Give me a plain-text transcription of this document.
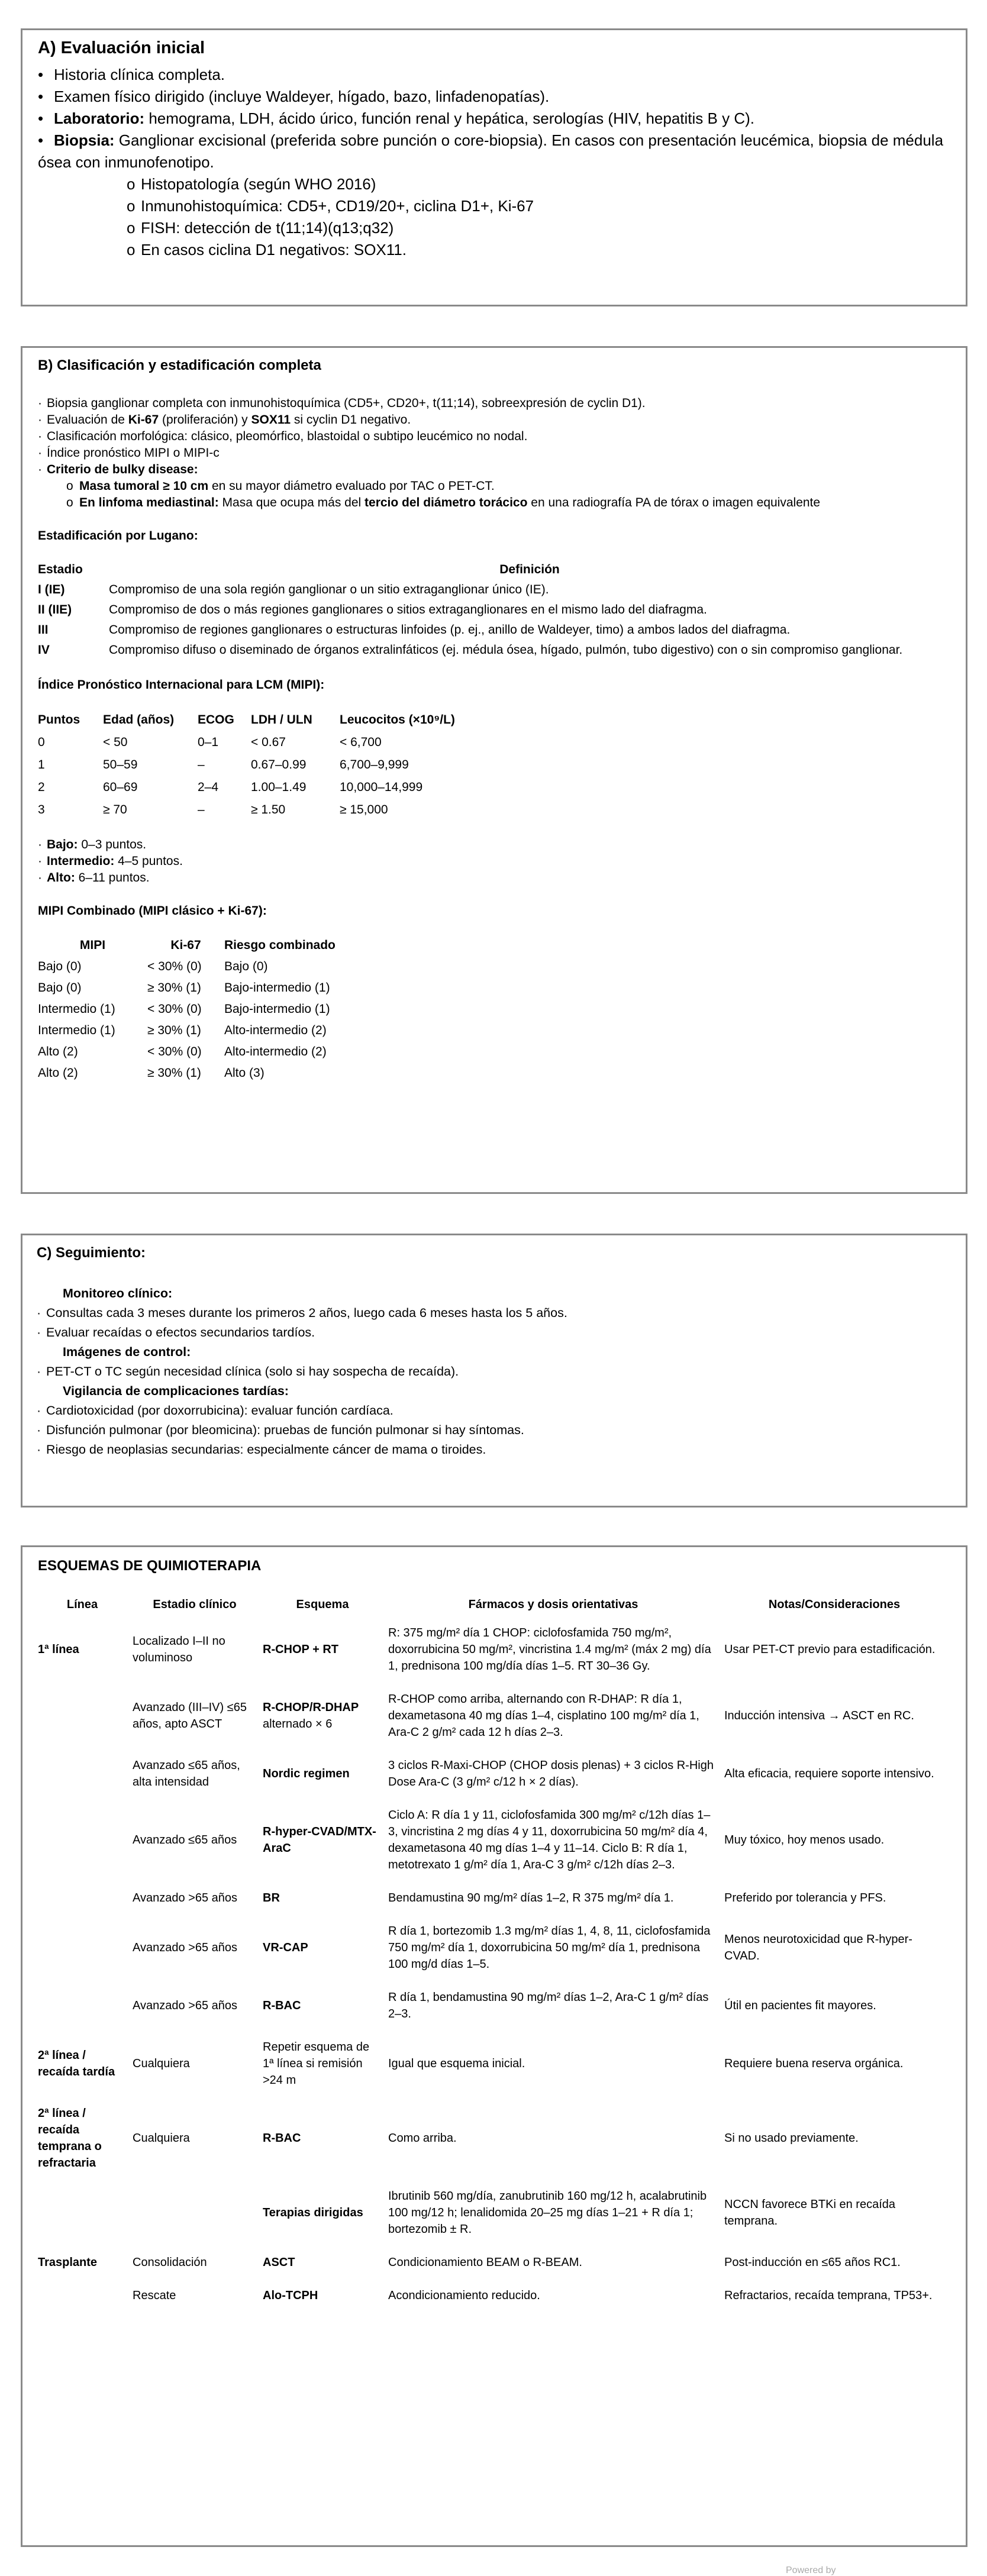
A) Evaluación inicial
• Historia clínica completa.
• Examen físico dirigido (incluye Waldeyer, hígado, bazo, linfadenopatías).
• Laboratorio: hemograma, LDH, ácido úrico, función renal y hepática, serologías (HIV, hepatitis B y C).
• Biopsia: Ganglionar excisional (preferida sobre punción o core-biopsia). En casos con presentación leucémica, biopsia de médula ósea con inmunofenotipo.
o Histopatología (según WHO 2016)
o Inmunohistoquímica: CD5+, CD19/20+, ciclina D1+, Ki-67
o FISH: detección de t(11;14)(q13;q32)
o En casos ciclina D1 negativos: SOX11.
B) Clasificación y estadificación completa
· Biopsia ganglionar completa con inmunohistoquímica (CD5+, CD20+, t(11;14), sobreexpresión de cyclin D1).
· Evaluación de Ki-67 (proliferación) y SOX11 si cyclin D1 negativo.
· Clasificación morfológica: clásico, pleomórfico, blastoidal o subtipo leucémico no nodal.
· Índice pronóstico MIPI o MIPI-c
· Criterio de bulky disease:
o Masa tumoral ≥ 10 cm en su mayor diámetro evaluado por TAC o PET-CT.
o En linfoma mediastinal: Masa que ocupa más del tercio del diámetro torácico en una radiografía PA de tórax o imagen equivalente
Estadificación por Lugano:
Estadio	Definición
I (IE)	Compromiso de una sola región ganglionar o un sitio extraganglionar único (IE).
II (IIE)	Compromiso de dos o más regiones ganglionares o sitios extraganglionares en el mismo lado del diafragma.
III	Compromiso de regiones ganglionares o estructuras linfoides (p. ej., anillo de Waldeyer, timo) a ambos lados del diafragma.
IV	Compromiso difuso o diseminado de órganos extralinfáticos (ej. médula ósea, hígado, pulmón, tubo digestivo) con o sin compromiso ganglionar.
Índice Pronóstico Internacional para LCM (MIPI):
Puntos	Edad (años)	ECOG	LDH / ULN	Leucocitos (×10⁹/L)
0	< 50	0–1	< 0.67	< 6,700
1	50–59	–	0.67–0.99	6,700–9,999
2	60–69	2–4	1.00–1.49	10,000–14,999
3	≥ 70	–	≥ 1.50	≥ 15,000
· Bajo: 0–3 puntos.
· Intermedio: 4–5 puntos.
· Alto: 6–11 puntos.
MIPI Combinado (MIPI clásico + Ki-67):
MIPI	Ki-67	Riesgo combinado
Bajo (0)	< 30% (0)	Bajo (0)
Bajo (0)	≥ 30% (1)	Bajo-intermedio (1)
Intermedio (1)	< 30% (0)	Bajo-intermedio (1)
Intermedio (1)	≥ 30% (1)	Alto-intermedio (2)
Alto (2)	< 30% (0)	Alto-intermedio (2)
Alto (2)	≥ 30% (1)	Alto (3)
C) Seguimiento:
Monitoreo clínico:
· Consultas cada 3 meses durante los primeros 2 años, luego cada 6 meses hasta los 5 años.
· Evaluar recaídas o efectos secundarios tardíos.
Imágenes de control:
· PET-CT o TC según necesidad clínica (solo si hay sospecha de recaída).
Vigilancia de complicaciones tardías:
· Cardiotoxicidad (por doxorrubicina): evaluar función cardíaca.
· Disfunción pulmonar (por bleomicina): pruebas de función pulmonar si hay síntomas.
· Riesgo de neoplasias secundarias: especialmente cáncer de mama o tiroides.
ESQUEMAS DE QUIMIOTERAPIA
Línea	Estadio clínico	Esquema	Fármacos y dosis orientativas	Notas/Consideraciones
1ª línea	Localizado I–II no voluminoso	R-CHOP + RT	R: 375 mg/m² día 1 CHOP: ciclofosfamida 750 mg/m², doxorrubicina 50 mg/m², vincristina 1.4 mg/m² (máx 2 mg) día 1, prednisona 100 mg/día días 1–5. RT 30–36 Gy.	Usar PET-CT previo para estadificación.
	Avanzado (III–IV) ≤65 años, apto ASCT	R-CHOP/R-DHAP alternado × 6	R-CHOP como arriba, alternando con R-DHAP: R día 1, dexametasona 40 mg días 1–4, cisplatino 100 mg/m² día 1, Ara-C 2 g/m² cada 12 h días 2–3.	Inducción intensiva → ASCT en RC.
	Avanzado ≤65 años, alta intensidad	Nordic regimen	3 ciclos R-Maxi-CHOP (CHOP dosis plenas) + 3 ciclos R-High Dose Ara-C (3 g/m² c/12 h × 2 días).	Alta eficacia, requiere soporte intensivo.
	Avanzado ≤65 años	R-hyper-CVAD/MTX-AraC	Ciclo A: R día 1 y 11, ciclofosfamida 300 mg/m² c/12h días 1–3, vincristina 2 mg días 4 y 11, doxorrubicina 50 mg/m² día 4, dexametasona 40 mg días 1–4 y 11–14. Ciclo B: R día 1, metotrexato 1 g/m² día 1, Ara-C 3 g/m² c/12h días 2–3.	Muy tóxico, hoy menos usado.
	Avanzado >65 años	BR	Bendamustina 90 mg/m² días 1–2, R 375 mg/m² día 1.	Preferido por tolerancia y PFS.
	Avanzado >65 años	VR-CAP	R día 1, bortezomib 1.3 mg/m² días 1, 4, 8, 11, ciclofosfamida 750 mg/m² día 1, doxorrubicina 50 mg/m² día 1, prednisona 100 mg/d días 1–5.	Menos neurotoxicidad que R-hyper-CVAD.
	Avanzado >65 años	R-BAC	R día 1, bendamustina 90 mg/m² días 1–2, Ara-C 1 g/m² días 2–3.	Útil en pacientes fit mayores.
2ª línea / recaída tardía	Cualquiera	Repetir esquema de 1ª línea si remisión >24 m	Igual que esquema inicial.	Requiere buena reserva orgánica.
2ª línea / recaída temprana o refractaria	Cualquiera	R-BAC	Como arriba.	Si no usado previamente.
		Terapias dirigidas	Ibrutinib 560 mg/día, zanubrutinib 160 mg/12 h, acalabrutinib 100 mg/12 h; lenalidomida 20–25 mg días 1–21 + R día 1; bortezomib ± R.	NCCN favorece BTKi en recaída temprana.
Trasplante	Consolidación	ASCT	Condicionamiento BEAM o R-BEAM.	Post-inducción en ≤65 años RC1.
	Rescate	Alo-TCPH	Acondicionamiento reducido.	Refractarios, recaída temprana, TP53+.
Powered by
